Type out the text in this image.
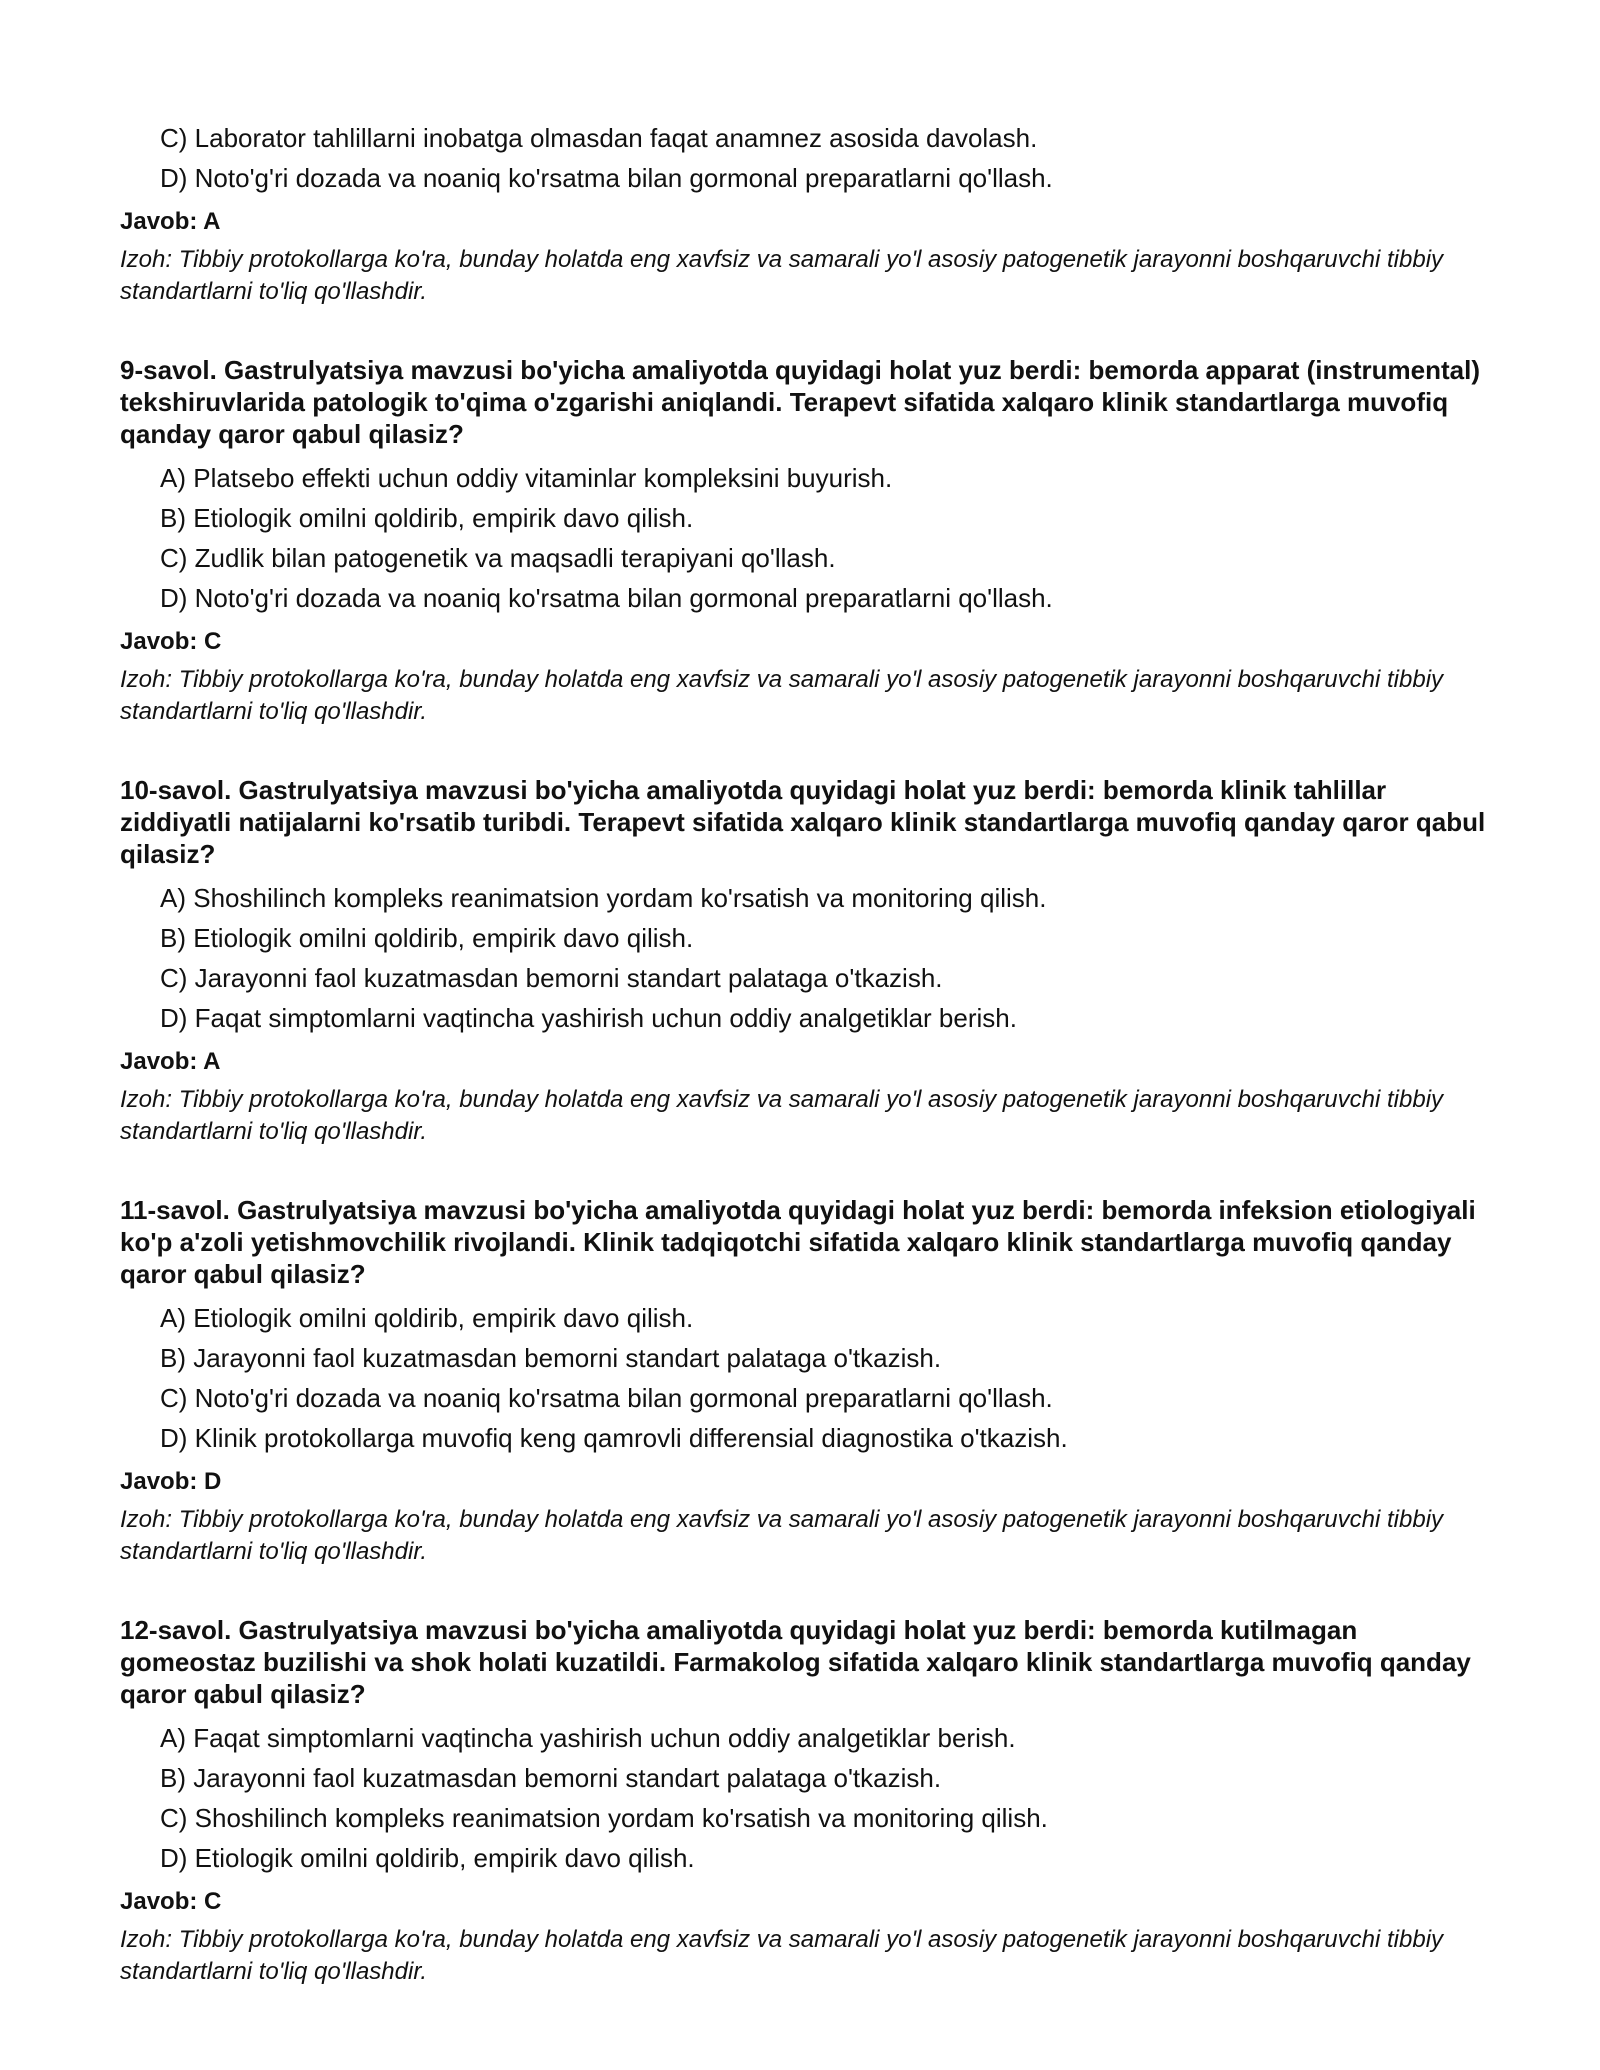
C) Laborator tahlillarni inobatga olmasdan faqat anamnez asosida davolash.
D) Noto'g'ri dozada va noaniq ko'rsatma bilan gormonal preparatlarni qo'llash.
Javob: A
Izoh: Tibbiy protokollarga ko'ra, bunday holatda eng xavfsiz va samarali yo'l asosiy patogenetik jarayonni boshqaruvchi tibbiy standartlarni to'liq qo'llashdir.
9-savol. Gastrulyatsiya mavzusi bo'yicha amaliyotda quyidagi holat yuz berdi: bemorda apparat (instrumental) tekshiruvlarida patologik to'qima o'zgarishi aniqlandi. Terapevt sifatida xalqaro klinik standartlarga muvofiq qanday qaror qabul qilasiz?
A) Platsebo effekti uchun oddiy vitaminlar kompleksini buyurish.
B) Etiologik omilni qoldirib, empirik davo qilish.
C) Zudlik bilan patogenetik va maqsadli terapiyani qo'llash.
D) Noto'g'ri dozada va noaniq ko'rsatma bilan gormonal preparatlarni qo'llash.
Javob: C
Izoh: Tibbiy protokollarga ko'ra, bunday holatda eng xavfsiz va samarali yo'l asosiy patogenetik jarayonni boshqaruvchi tibbiy standartlarni to'liq qo'llashdir.
10-savol. Gastrulyatsiya mavzusi bo'yicha amaliyotda quyidagi holat yuz berdi: bemorda klinik tahlillar ziddiyatli natijalarni ko'rsatib turibdi. Terapevt sifatida xalqaro klinik standartlarga muvofiq qanday qaror qabul qilasiz?
A) Shoshilinch kompleks reanimatsion yordam ko'rsatish va monitoring qilish.
B) Etiologik omilni qoldirib, empirik davo qilish.
C) Jarayonni faol kuzatmasdan bemorni standart palataga o'tkazish.
D) Faqat simptomlarni vaqtincha yashirish uchun oddiy analgetiklar berish.
Javob: A
Izoh: Tibbiy protokollarga ko'ra, bunday holatda eng xavfsiz va samarali yo'l asosiy patogenetik jarayonni boshqaruvchi tibbiy standartlarni to'liq qo'llashdir.
11-savol. Gastrulyatsiya mavzusi bo'yicha amaliyotda quyidagi holat yuz berdi: bemorda infeksion etiologiyali ko'p a'zoli yetishmovchilik rivojlandi. Klinik tadqiqotchi sifatida xalqaro klinik standartlarga muvofiq qanday qaror qabul qilasiz?
A) Etiologik omilni qoldirib, empirik davo qilish.
B) Jarayonni faol kuzatmasdan bemorni standart palataga o'tkazish.
C) Noto'g'ri dozada va noaniq ko'rsatma bilan gormonal preparatlarni qo'llash.
D) Klinik protokollarga muvofiq keng qamrovli differensial diagnostika o'tkazish.
Javob: D
Izoh: Tibbiy protokollarga ko'ra, bunday holatda eng xavfsiz va samarali yo'l asosiy patogenetik jarayonni boshqaruvchi tibbiy standartlarni to'liq qo'llashdir.
12-savol. Gastrulyatsiya mavzusi bo'yicha amaliyotda quyidagi holat yuz berdi: bemorda kutilmagan gomeostaz buzilishi va shok holati kuzatildi. Farmakolog sifatida xalqaro klinik standartlarga muvofiq qanday qaror qabul qilasiz?
A) Faqat simptomlarni vaqtincha yashirish uchun oddiy analgetiklar berish.
B) Jarayonni faol kuzatmasdan bemorni standart palataga o'tkazish.
C) Shoshilinch kompleks reanimatsion yordam ko'rsatish va monitoring qilish.
D) Etiologik omilni qoldirib, empirik davo qilish.
Javob: C
Izoh: Tibbiy protokollarga ko'ra, bunday holatda eng xavfsiz va samarali yo'l asosiy patogenetik jarayonni boshqaruvchi tibbiy standartlarni to'liq qo'llashdir.
